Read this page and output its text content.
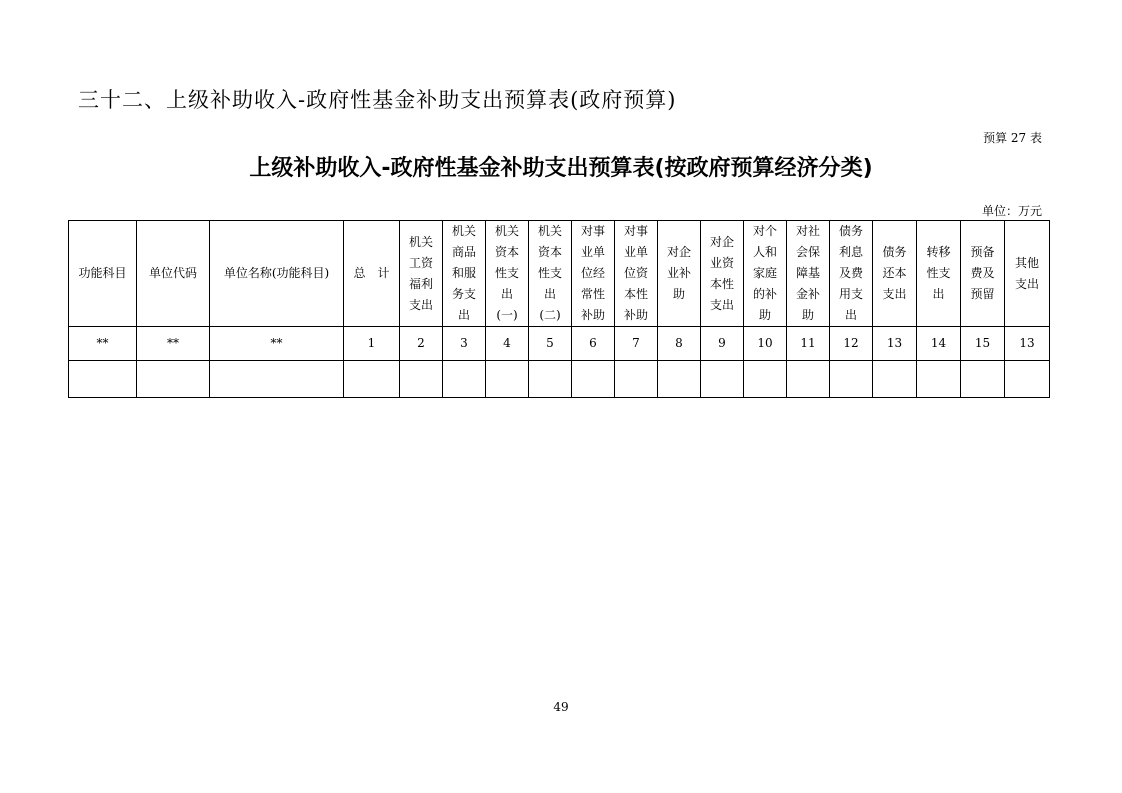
三十二、上级补助收入-政府性基金补助支出预算表(政府预算)
预算 27 表
上级补助收入-政府性基金补助支出预算表(按政府预算经济分类)
单位：万元
功能科目	单位代码	单位名称(功能科目)	总　计	机关工资福利支出	机关商品和服务支出	机关资本性支出(一)	机关资本性支出(二)	对事业单位经常性补助	对事业单位资本性补助	对企业补助	对企业资本性支出	对个人和家庭的补助	对社会保障基金补助	债务利息及费用支出	债务还本支出	转移性支出	预备费及预留	其他支出

**	**	**	1	2	3	4	5	6	7	8	9	10	11	12	13	14	15	13

49
